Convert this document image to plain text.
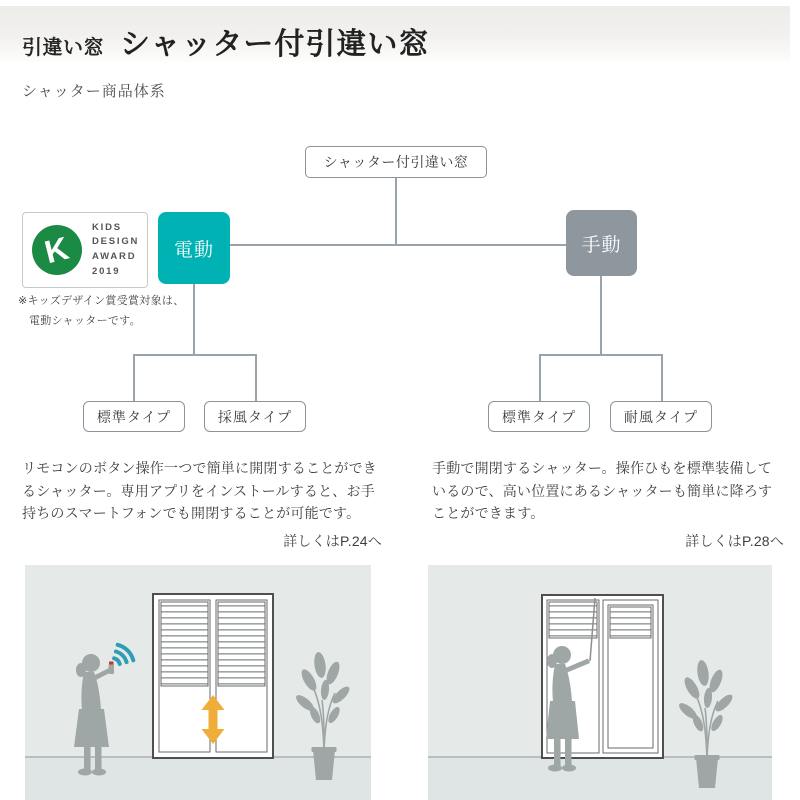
引違い窓 シャッター付引違い窓
シャッター商品体系
シャッター付引違い窓
電動	手動
標準タイプ	採風タイプ	標準タイプ	耐風タイプ
K
KIDS
DESIGN
AWARD
2019
※キッズデザイン賞受賞対象は、
電動シャッターです。
リモコンのボタン操作一つで簡単に開閉することができるシャッター。専用アプリをインストールすると、お手持ちのスマートフォンでも開閉することが可能です。
詳しくはP.24へ
手動で開閉するシャッター。操作ひもを標準装備しているので、高い位置にあるシャッターも簡単に降ろすことができます。
詳しくはP.28へ
